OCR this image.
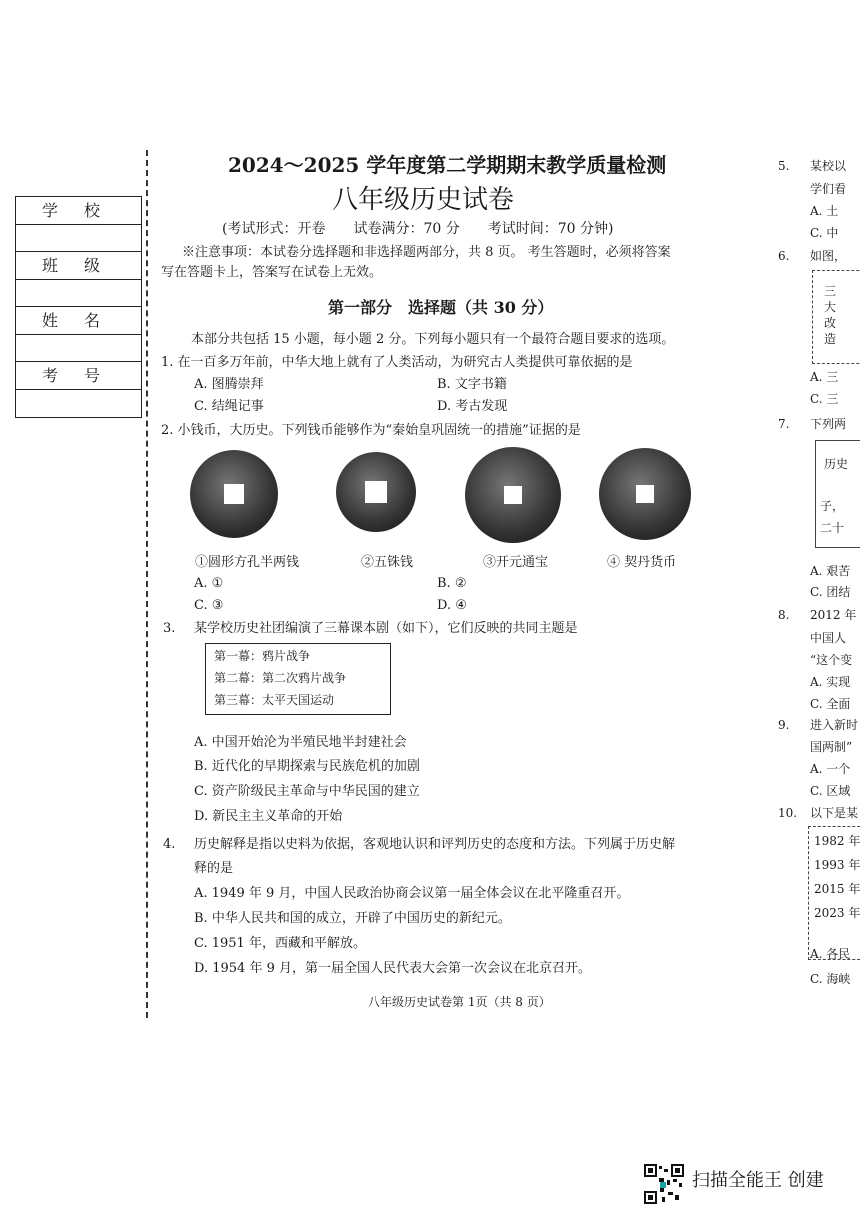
学校
班级
姓名
考号
2024～2025 学年度第二学期期末教学质量检测
八年级历史试卷
(考试形式：开卷　　试卷满分：70 分　　考试时间：70 分钟)
※注意事项：本试卷分选择题和非选择题两部分，共 8 页。 考生答题时，必须将答案
写在答题卡上，答案写在试卷上无效。
第一部分　选择题（共 30 分）
本部分共包括 15 小题，每小题 2 分。下列每小题只有一个最符合题目要求的选项。
1. 在一百多万年前，中华大地上就有了人类活动，为研究古人类提供可靠依据的是
A. 图腾崇拜	B. 文字书籍
C. 结绳记事	D. 考古发现
2. 小钱币，大历史。下列钱币能够作为“秦始皇巩固统一的措施”证据的是
①圆形方孔半两钱	②五铢钱	③开元通宝	④ 契丹货币
A. ①	B. ②
C. ③	D. ④
3. 某学校历史社团编演了三幕课本剧（如下），它们反映的共同主题是
第一幕：鸦片战争
第二幕：第二次鸦片战争
第三幕：太平天国运动
A. 中国开始沦为半殖民地半封建社会
B. 近代化的早期探索与民族危机的加剧
C. 资产阶级民主革命与中华民国的建立
D. 新民主主义革命的开始
4. 历史解释是指以史料为依据，客观地认识和评判历史的态度和方法。下列属于历史解
释的是
A. 1949 年 9 月，中国人民政治协商会议第一届全体会议在北平隆重召开。
B. 中华人民共和国的成立，开辟了中国历史的新纪元。
C. 1951 年，西藏和平解放。
D. 1954 年 9 月，第一届全国人民代表大会第一次会议在北京召开。
八年级历史试卷第 1页（共 8 页）
5. 某校以
学们看
A. 土
C. 中
6. 如图，
三
大
改
造
A. 三
C. 三
7. 下列两
历史
子，
二十
A. 艰苦
C. 团结
8. 2012 年
中国人
“这个变
A. 实现
C. 全面
9. 进入新时
国两制”
A. 一个
C. 区域
10. 以下是某
1982 年
1993 年
2015 年
2023 年
A. 各民
C. 海峡
扫描全能王 创建
